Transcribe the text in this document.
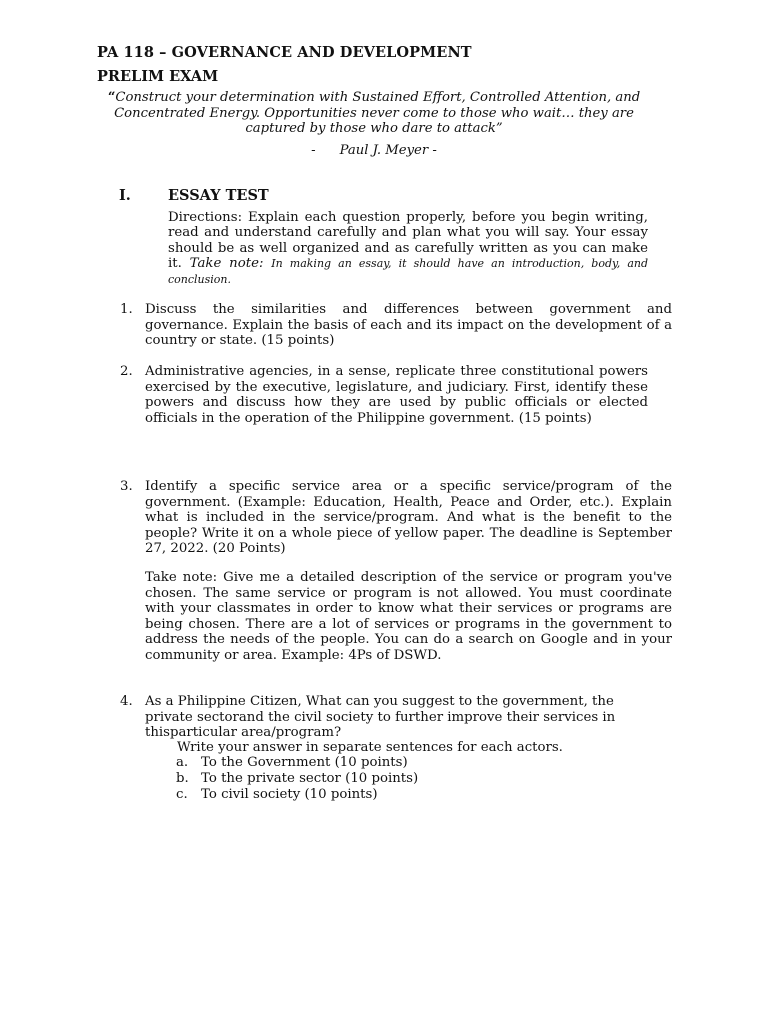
PA 118 – GOVERNANCE AND DEVELOPMENT
PRELIM EXAM
“Construct your determination with Sustained Effort, Controlled Attention, and Concentrated Energy. Opportunities never come to those who wait… they are captured by those who dare to attack”
- Paul J. Meyer -
I.	ESSAY TEST
Directions: Explain each question properly, before you begin writing, read and understand carefully and plan what you will say. Your essay should be as well organized and as carefully written as you can make it. Take note: In making an essay, it should have an introduction, body, and conclusion.
1. Discuss the similarities and differences between government and governance. Explain the basis of each and its impact on the development of a country or state. (15 points)
2. Administrative agencies, in a sense, replicate three constitutional powers exercised by the executive, legislature, and judiciary. First, identify these powers and discuss how they are used by public officials or elected officials in the operation of the Philippine government. (15 points)
3. Identify a specific service area or a specific service/program of the government. (Example: Education, Health, Peace and Order, etc.). Explain what is included in the service/program. And what is the benefit to the people? Write it on a whole piece of yellow paper. The deadline is September 27, 2022. (20 Points)
Take note: Give me a detailed description of the service or program you've chosen. The same service or program is not allowed. You must coordinate with your classmates in order to know what their services or programs are being chosen. There are a lot of services or programs in the government to address the needs of the people. You can do a search on Google and in your community or area. Example: 4Ps of DSWD.
4. As a Philippine Citizen, What can you suggest to the government, the private sectorand the civil society to further improve their services in thisparticular area/program?
Write your answer in separate sentences for each actors.
a. To the Government (10 points)
b. To the private sector (10 points)
c. To civil society (10 points)
